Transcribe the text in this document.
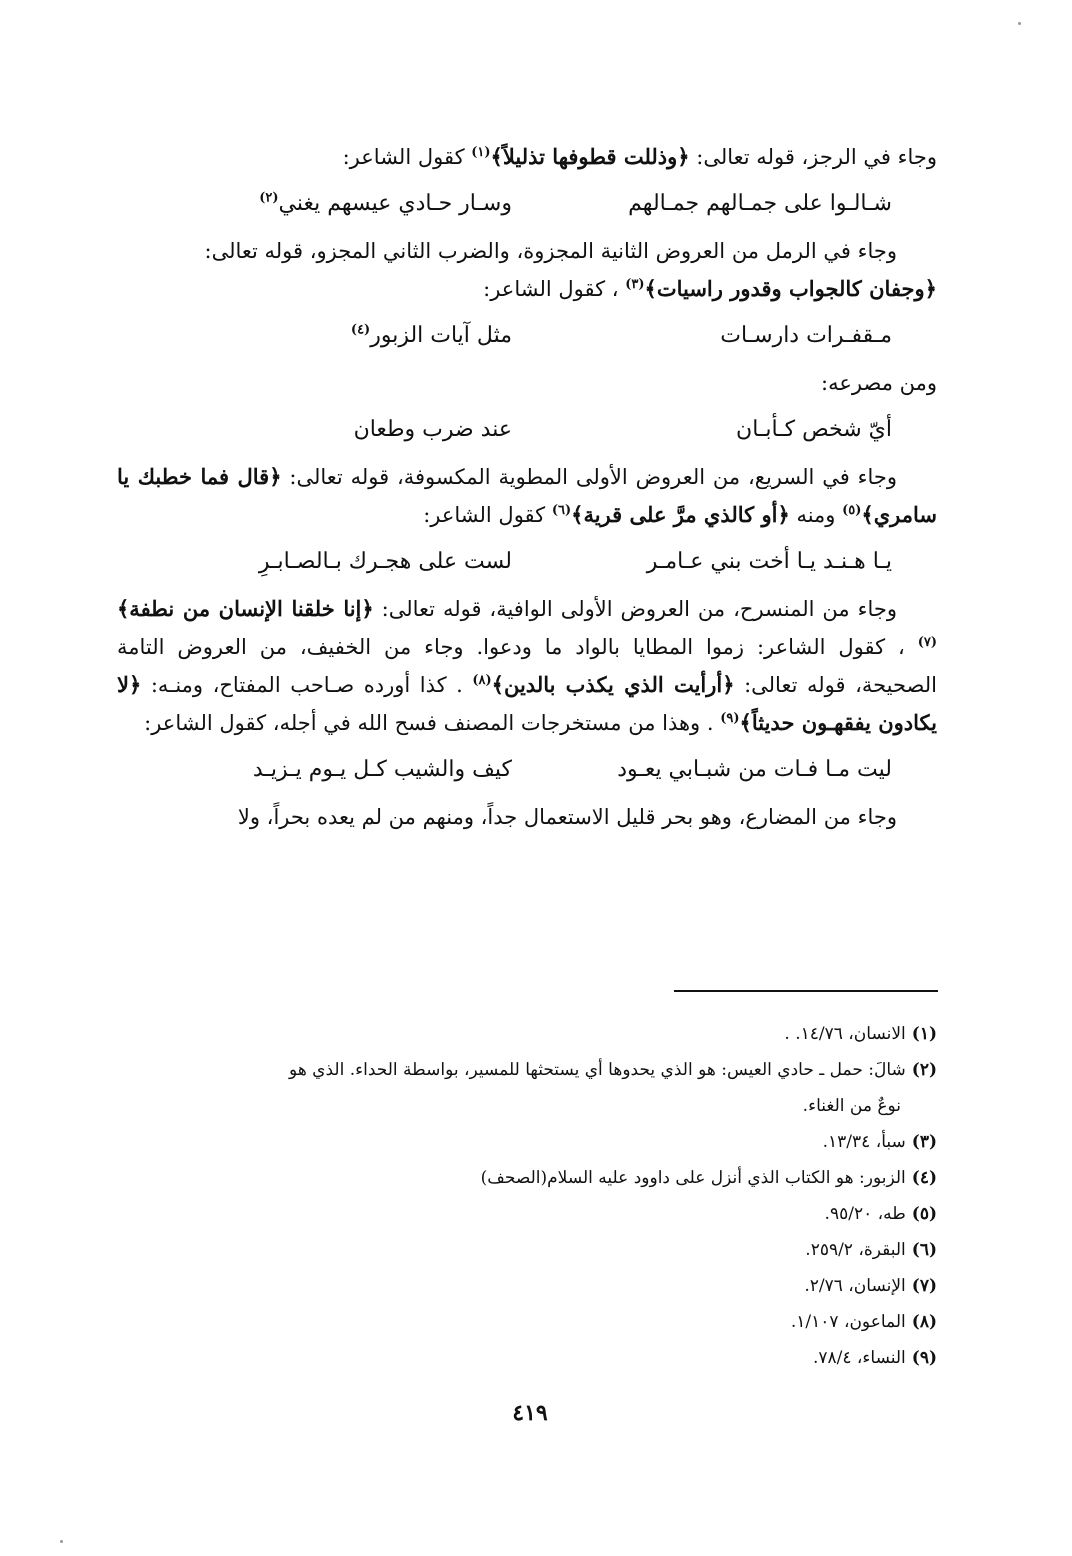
وجاء في الرجز، قوله تعالى: ﴿وذللت قطوفها تذليلاً﴾$^{(١)}$ كقول الشاعر:

شـالـوا على جمـالهم جمـالهم
وسـار حـادي عيسهم يغني$^{(٢)}$

وجاء في الرمل من العروض الثانية المجزوة، والضرب الثاني المجزو، قوله تعالى:

﴿وجفان كالجواب وقدور راسيات﴾$^{(٣)}$ ، كقول الشاعر:

مـقفـرات دارسـات
مثل آيات الزبور$^{(٤)}$

ومن مصرعه:

أيّ شخص كـأبـان
عند ضرب وطعان

وجاء في السريع، من العروض الأولى المطوية المكسوفة، قوله تعالى: ﴿قال فما خطبك يا سامري﴾$^{(٥)}$ ومنه ﴿أو كالذي مرَّ على قرية﴾$^{(٦)}$ كقول الشاعر:

يـا هـنـد يـا أخت بني عـامـر
لست على هجـرك بـالصـابـرِ

وجاء من المنسرح، من العروض الأولى الوافية، قوله تعالى: ﴿إنا خلقنا الإنسان من نطفة﴾$^{(٧)}$ ، كقول الشاعر: زموا المطايا بالواد ما ودعوا. وجاء من الخفيف، من العروض التامة الصحيحة، قوله تعالى: ﴿أرأيت الذي يكذب بالدين﴾$^{(٨)}$ . كذا أورده صـاحب المفتاح، ومنـه: ﴿لا يكادون يفقهـون حديثاً﴾$^{(٩)}$ . وهذا من مستخرجات المصنف فسح الله في أجله، كقول الشاعر:

ليت مـا فـات من شبـابي يعـود
كيف والشيب كـل يـوم يـزيـد

وجاء من المضارع، وهو بحر قليل الاستعمال جداً، ومنهم من لم يعده بحراً، ولا

(١)الانسان، ١٤/٧٦. .

(٢)شالَ: حمل ـ حادي العيس: هو الذي يحدوها أي يستحثها للمسير، بواسطة الحداء. الذي هو

نوعٌ من الغناء.

(٣)سبأ، ١٣/٣٤.

(٤)الزبور: هو الكتاب الذي أنزل على داوود عليه السلام(الصحف)

(٥)طه، ٩٥/٢٠.

(٦)البقرة، ٢٥٩/٢.

(٧)الإنسان، ٢/٧٦.

(٨)الماعون، ١/١٠٧.

(٩)النساء، ٧٨/٤.

٤١٩
